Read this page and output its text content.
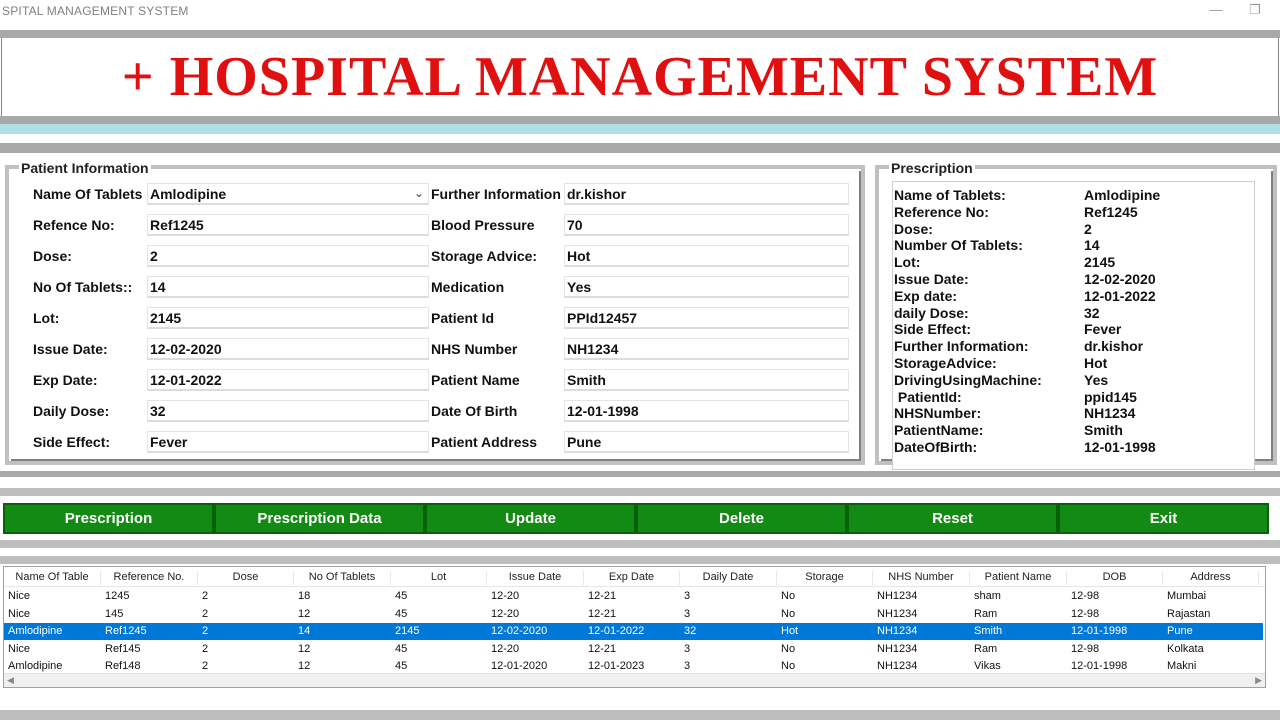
SPITAL MANAGEMENT SYSTEM	—	❐
+ HOSPITAL MANAGEMENT SYSTEM
Patient Information
Name Of Tablets Amlodipine	⌄
Refence No:	Ref1245
Dose:	2
No Of Tablets:: 14
Lot:	2145
Issue Date:	12-02-2020
Exp Date:	12-01-2022
Daily Dose:	32
Side Effect:	Fever
Further Information dr.kishor
Blood Pressure 70
Storage Advice: Hot
Medication	Yes
Patient Id	PPId12457
NHS Number	NH1234
Patient Name	Smith
Date Of Birth	12-01-1998
Patient Address Pune
Prescription
Name of Tablets:	Amlodipine
Reference No:	Ref1245
Dose:	2
Number Of Tablets:	14
Lot:	2145
Issue Date:	12-02-2020
Exp date:	12-01-2022
daily Dose:	32
Side Effect:	Fever
Further Information:	dr.kishor
StorageAdvice:	Hot
DrivingUsingMachine:	Yes
PatientId:	ppid145
NHSNumber:	NH1234
PatientName:	Smith
DateOfBirth:	12-01-1998
Prescription	Prescription Data	Update	Delete	Reset	Exit
Name Of Table	Reference No.	Dose	No Of Tablets	Lot	Issue Date	Exp Date	Daily Date	Storage	NHS Number	Patient Name	DOB	Address
Nice	1245	2	18	45	12-20	12-21	3	No	NH1234	sham	12-98	Mumbai
Nice	145	2	12	45	12-20	12-21	3	No	NH1234	Ram	12-98	Rajastan
Amlodipine	Ref1245	2	14	2145	12-02-2020	12-01-2022	32	Hot	NH1234	Smith	12-01-1998	Pune
Nice	Ref145	2	12	45	12-20	12-21	3	No	NH1234	Ram	12-98	Kolkata
Amlodipine	Ref148	2	12	45	12-01-2020	12-01-2023	3	No	NH1234	Vikas	12-01-1998	Makni
◀	▶
